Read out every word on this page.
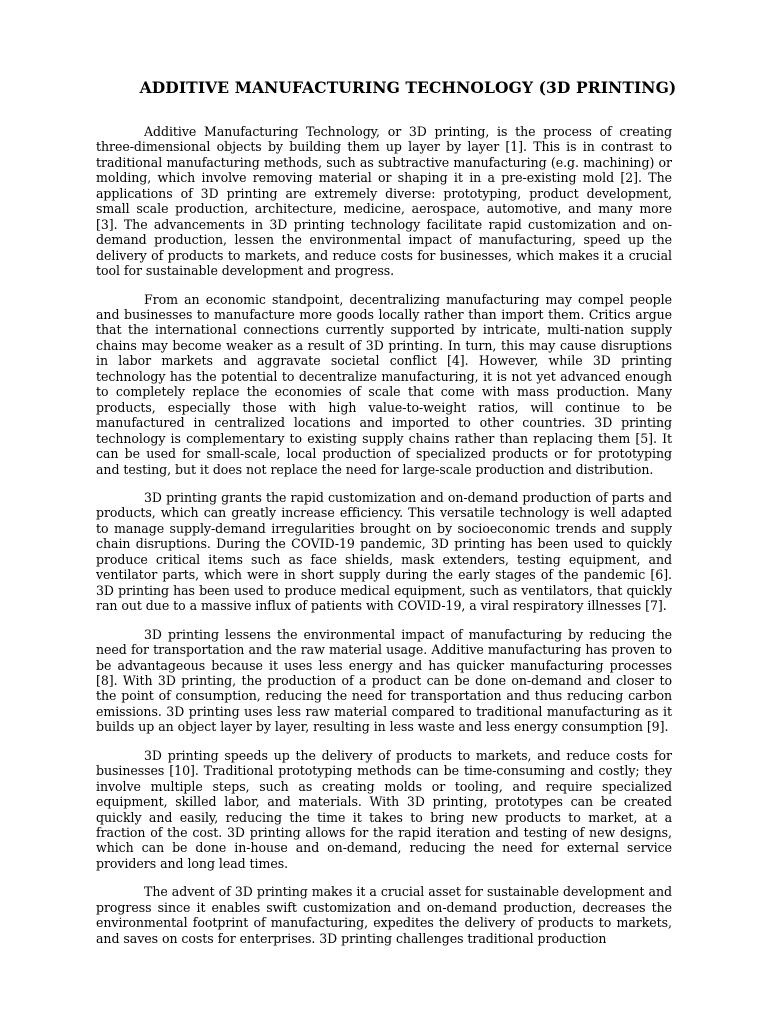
ADDITIVE MANUFACTURING TECHNOLOGY (3D PRINTING)

Additive Manufacturing Technology, or 3D printing, is the process of creating three-dimensional objects by building them up layer by layer [1]. This is in contrast to traditional manufacturing methods, such as subtractive manufacturing (e.g. machining) or molding, which involve removing material or shaping it in a pre-existing mold [2]. The applications of 3D printing are extremely diverse: prototyping, product development, small scale production, architecture, medicine, aerospace, automotive, and many more [3]. The advancements in 3D printing technology facilitate rapid customization and on-demand production, lessen the environmental impact of manufacturing, speed up the delivery of products to markets, and reduce costs for businesses, which makes it a crucial tool for sustainable development and progress.

From an economic standpoint, decentralizing manufacturing may compel people and businesses to manufacture more goods locally rather than import them. Critics argue that the international connections currently supported by intricate, multi-nation supply chains may become weaker as a result of 3D printing. In turn, this may cause disruptions in labor markets and aggravate societal conflict [4]. However, while 3D printing technology has the potential to decentralize manufacturing, it is not yet advanced enough to completely replace the economies of scale that come with mass production. Many products, especially those with high value-to-weight ratios, will continue to be manufactured in centralized locations and imported to other countries. 3D printing technology is complementary to existing supply chains rather than replacing them [5]. It can be used for small-scale, local production of specialized products or for prototyping and testing, but it does not replace the need for large-scale production and distribution.

3D printing grants the rapid customization and on-demand production of parts and products, which can greatly increase efficiency. This versatile technology is well adapted to manage supply-demand irregularities brought on by socioeconomic trends and supply chain disruptions. During the COVID-19 pandemic, 3D printing has been used to quickly produce critical items such as face shields, mask extenders, testing equipment, and ventilator parts, which were in short supply during the early stages of the pandemic [6]. 3D printing has been used to produce medical equipment, such as ventilators, that quickly ran out due to a massive influx of patients with COVID-19, a viral respiratory illnesses [7].

3D printing lessens the environmental impact of manufacturing by reducing the need for transportation and the raw material usage. Additive manufacturing has proven to be advantageous because it uses less energy and has quicker manufacturing processes [8]. With 3D printing, the production of a product can be done on-demand and closer to the point of consumption, reducing the need for transportation and thus reducing carbon emissions. 3D printing uses less raw material compared to traditional manufacturing as it builds up an object layer by layer, resulting in less waste and less energy consumption [9].

3D printing speeds up the delivery of products to markets, and reduce costs for businesses [10]. Traditional prototyping methods can be time-consuming and costly; they involve multiple steps, such as creating molds or tooling, and require specialized equipment, skilled labor, and materials. With 3D printing, prototypes can be created quickly and easily, reducing the time it takes to bring new products to market, at a fraction of the cost. 3D printing allows for the rapid iteration and testing of new designs, which can be done in-house and on-demand, reducing the need for external service providers and long lead times.

The advent of 3D printing makes it a crucial asset for sustainable development and progress since it enables swift customization and on-demand production, decreases the environmental footprint of manufacturing, expedites the delivery of products to markets, and saves on costs for enterprises. 3D printing challenges traditional production
